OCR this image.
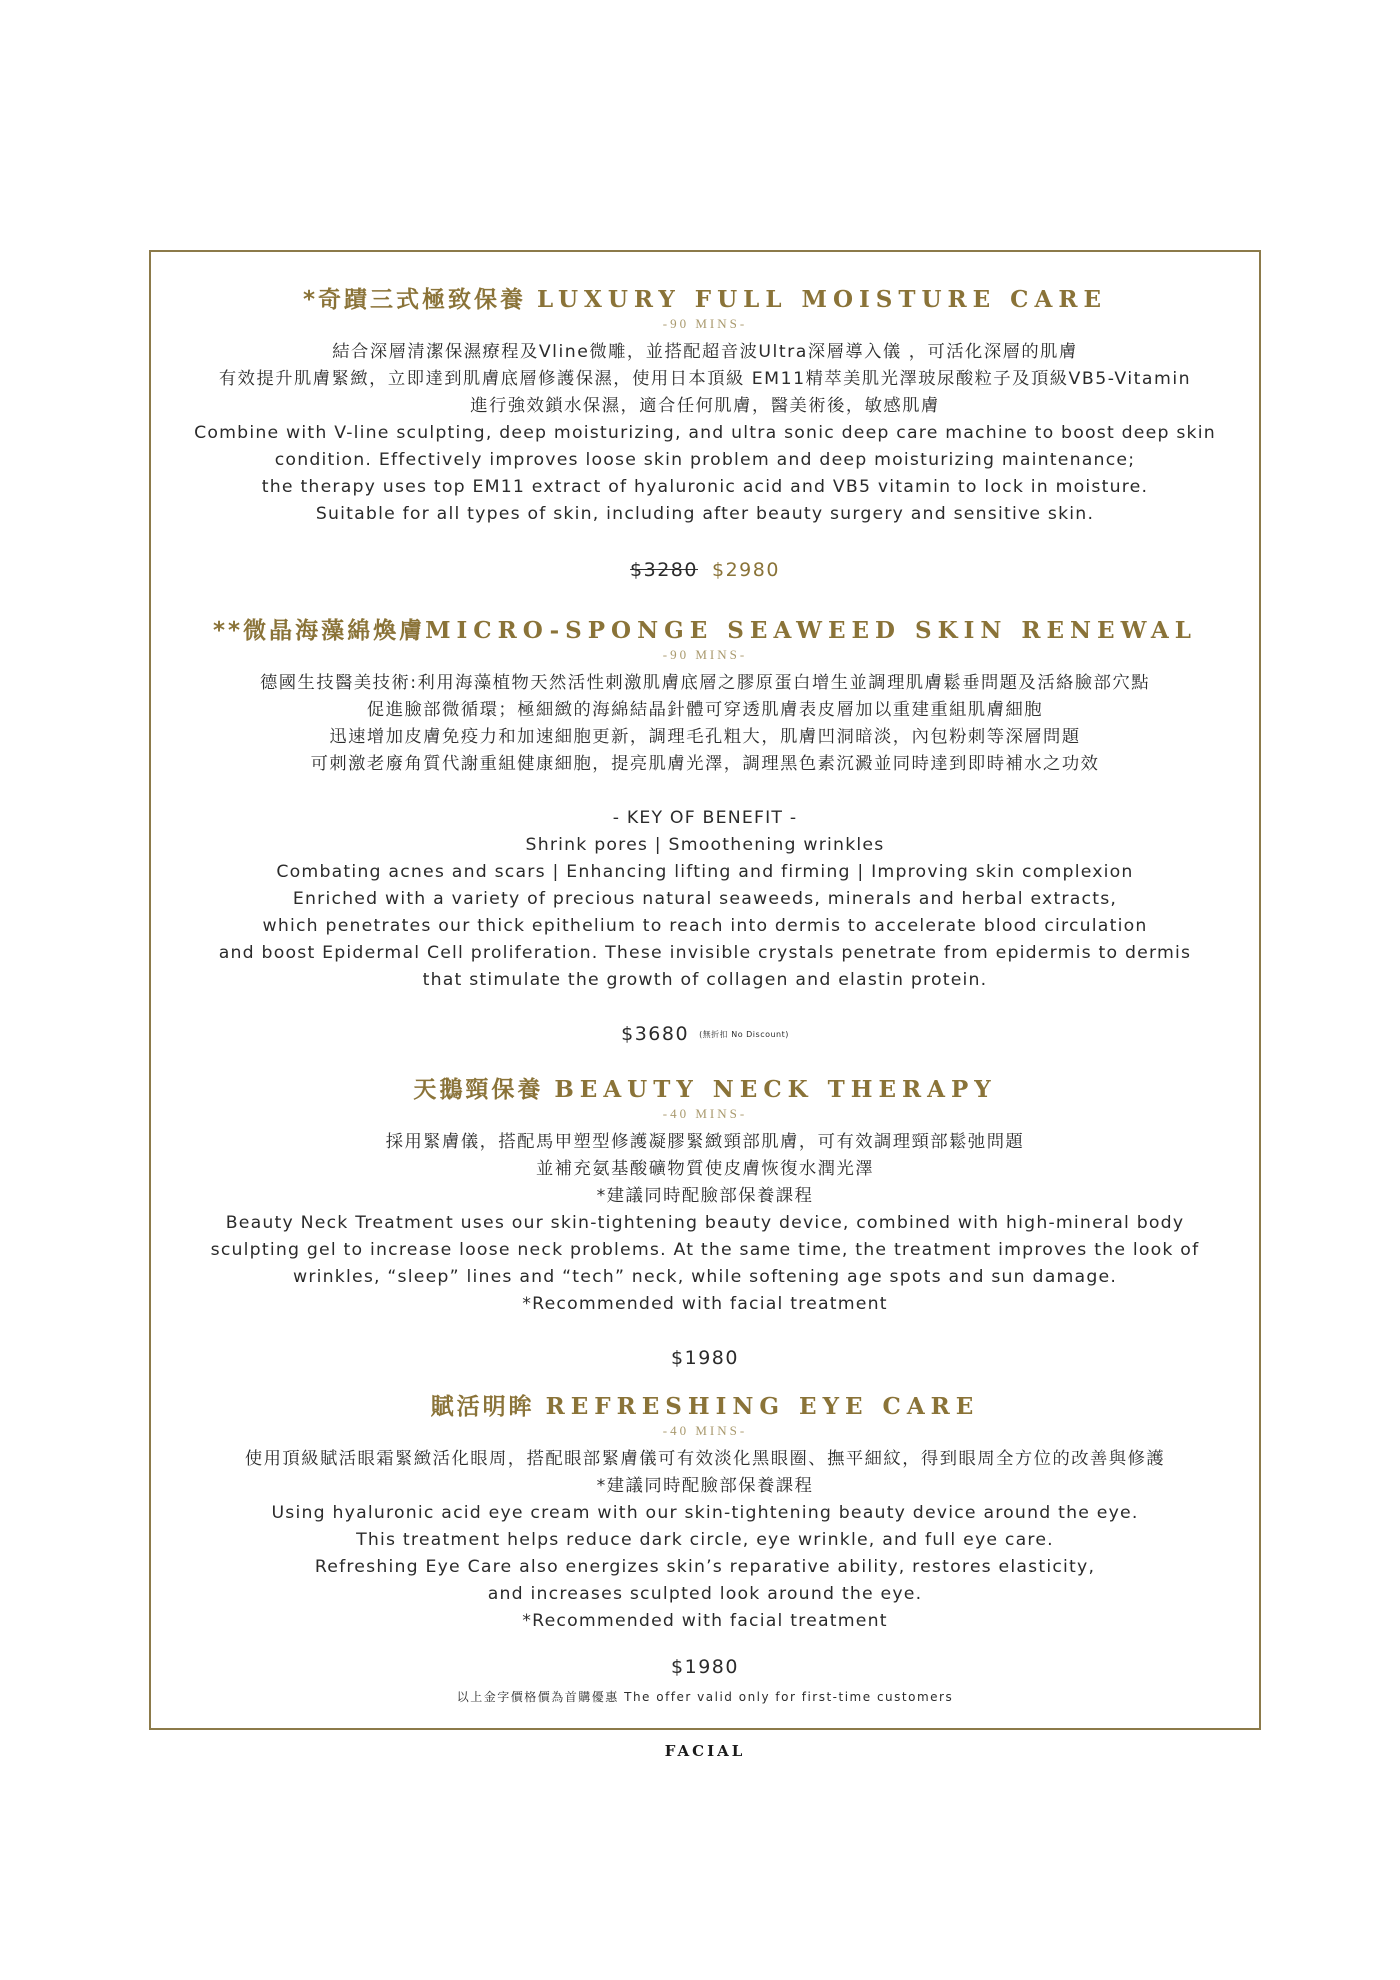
*奇蹟三式極致保養 LUXURY FULL MOISTURE CARE
-90 MINS-
結合深層清潔保濕療程及Vline微雕，並搭配超音波Ultra深層導入儀 ，可活化深層的肌膚
有效提升肌膚緊緻，立即達到肌膚底層修護保濕，使用日本頂級 EM11精萃美肌光澤玻尿酸粒子及頂級VB5-Vitamin
進行強效鎖水保濕，適合任何肌膚，醫美術後，敏感肌膚
Combine with V-line sculpting, deep moisturizing, and ultra sonic deep care machine to boost deep skin
condition. Effectively improves loose skin problem and deep moisturizing maintenance;
the therapy uses top EM11 extract of hyaluronic acid and VB5 vitamin to lock in moisture.
Suitable for all types of skin, including after beauty surgery and sensitive skin.
$3280 $2980
**微晶海藻綿煥膚MICRO-SPONGE SEAWEED SKIN RENEWAL
-90 MINS-
德國生技醫美技術:利用海藻植物天然活性刺激肌膚底層之膠原蛋白增生並調理肌膚鬆垂問題及活絡臉部穴點
促進臉部微循環；極細緻的海綿結晶針體可穿透肌膚表皮層加以重建重組肌膚細胞
迅速增加皮膚免疫力和加速細胞更新，調理毛孔粗大，肌膚凹洞暗淡，內包粉刺等深層問題
可刺激老廢角質代謝重組健康細胞，提亮肌膚光澤，調理黑色素沉澱並同時達到即時補水之功效
- KEY OF BENEFIT -
Shrink pores | Smoothening wrinkles
Combating acnes and scars | Enhancing lifting and firming | Improving skin complexion
Enriched with a variety of precious natural seaweeds, minerals and herbal extracts,
which penetrates our thick epithelium to reach into dermis to accelerate blood circulation
and boost Epidermal Cell proliferation. These invisible crystals penetrate from epidermis to dermis
that stimulate the growth of collagen and elastin protein.
$3680 (無折扣 No Discount)
天鵝頸保養 BEAUTY NECK THERAPY
-40 MINS-
採用緊膚儀，搭配馬甲塑型修護凝膠緊緻頸部肌膚，可有效調理頸部鬆弛問題
並補充氨基酸礦物質使皮膚恢復水潤光澤
*建議同時配臉部保養課程
Beauty Neck Treatment uses our skin-tightening beauty device, combined with high-mineral body
sculpting gel to increase loose neck problems. At the same time, the treatment improves the look of
wrinkles, “sleep” lines and “tech” neck, while softening age spots and sun damage.
*Recommended with facial treatment
$1980
賦活明眸 REFRESHING EYE CARE
-40 MINS-
使用頂級賦活眼霜緊緻活化眼周，搭配眼部緊膚儀可有效淡化黑眼圈、撫平細紋，得到眼周全方位的改善與修護
*建議同時配臉部保養課程
Using hyaluronic acid eye cream with our skin-tightening beauty device around the eye.
This treatment helps reduce dark circle, eye wrinkle, and full eye care.
Refreshing Eye Care also energizes skin’s reparative ability, restores elasticity,
and increases sculpted look around the eye.
*Recommended with facial treatment
$1980
以上金字價格價為首購優惠 The offer valid only for first-time customers
FACIAL
